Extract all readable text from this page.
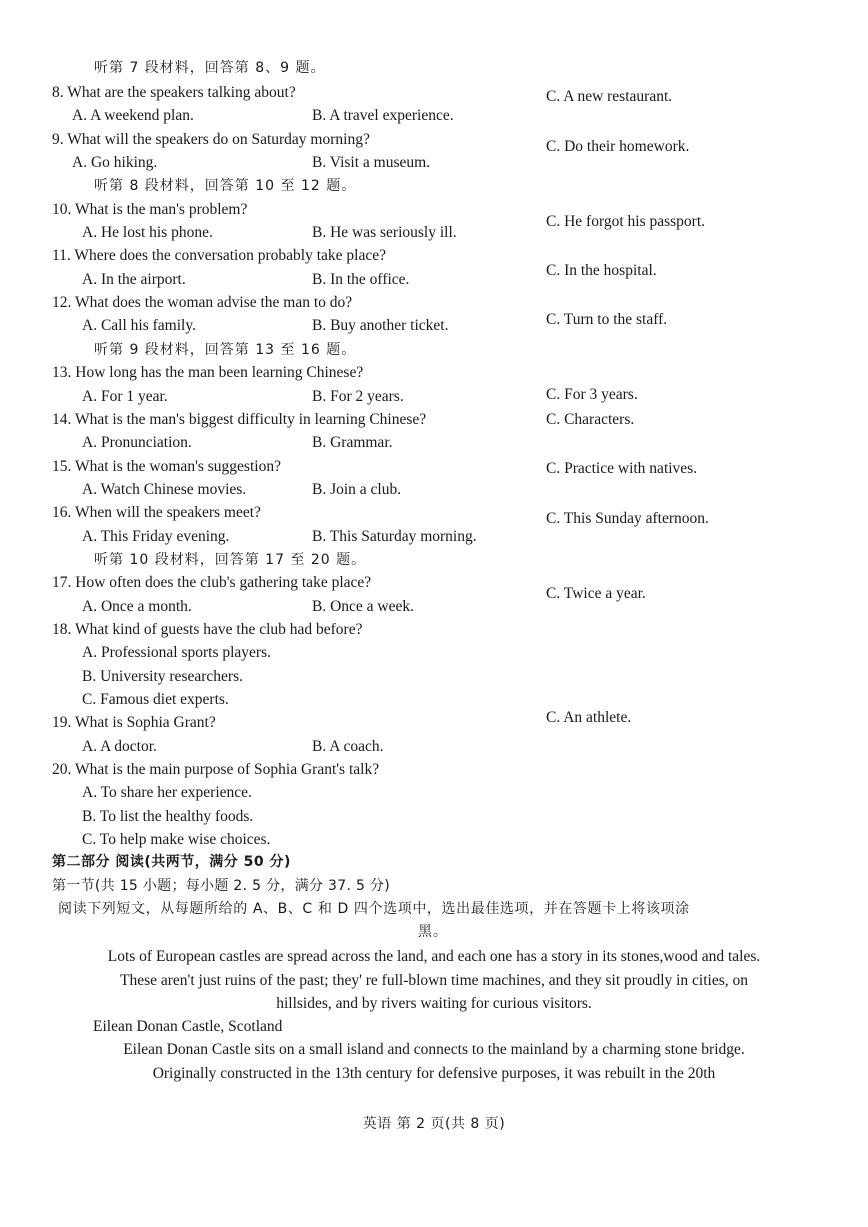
听第 7 段材料，回答第 8、9 题。
8. What are the speakers talking about?
A. A weekend plan.	B. A travel experience.
C. A new restaurant.
9. What will the speakers do on Saturday morning?
A. Go hiking.	B. Visit a museum.
C. Do their homework.
听第 8 段材料，回答第 10 至 12 题。
10. What is the man's problem?
A. He lost his phone.	B. He was seriously ill.
C. He forgot his passport.
11. Where does the conversation probably take place?
A. In the airport.	B. In the office.
C. In the hospital.
12. What does the woman advise the man to do?
A. Call his family.	B. Buy another ticket.	C. Turn to the staff.
听第 9 段材料，回答第 13 至 16 题。
13. How long has the man been learning Chinese?
A. For 1 year.	B. For 2 years.	C. For 3 years.
14. What is the man's biggest difficulty in learning Chinese?
A. Pronunciation.	B. Grammar.
C. Characters.
15. What is the woman's suggestion?
A. Watch Chinese movies.	B. Join a club.
C. Practice with natives.
16. When will the speakers meet?
A. This Friday evening.	B. This Saturday morning.
C. This Sunday afternoon.
听第 10 段材料，回答第 17 至 20 题。
17. How often does the club's gathering take place?
A. Once a month.	B. Once a week.
C. Twice a year.
18. What kind of guests have the club had before?
A. Professional sports players.
B. University researchers.
C. Famous diet experts.
19. What is Sophia Grant?
A. A doctor.	B. A coach.
C. An athlete.
20. What is the main purpose of Sophia Grant's talk?
A. To share her experience.
B. To list the healthy foods.
C. To help make wise choices.
第二部分 阅读(共两节，满分 50 分)
第一节(共 15 小题；每小题 2. 5 分，满分 37. 5 分)
阅读下列短文，从每题所给的 A、B、C 和 D 四个选项中，选出最佳选项，并在答题卡上将该项涂
黑。
Lots of European castles are spread across the land, and each one has a story in its stones,wood and tales.
These aren't just ruins of the past; they' re full-blown time machines, and they sit proudly in cities, on
hillsides, and by rivers waiting for curious visitors.
Eilean Donan Castle, Scotland
Eilean Donan Castle sits on a small island and connects to the mainland by a charming stone bridge.
Originally constructed in the 13th century for defensive purposes, it was rebuilt in the 20th
英语 第 2 页(共 8 页)
